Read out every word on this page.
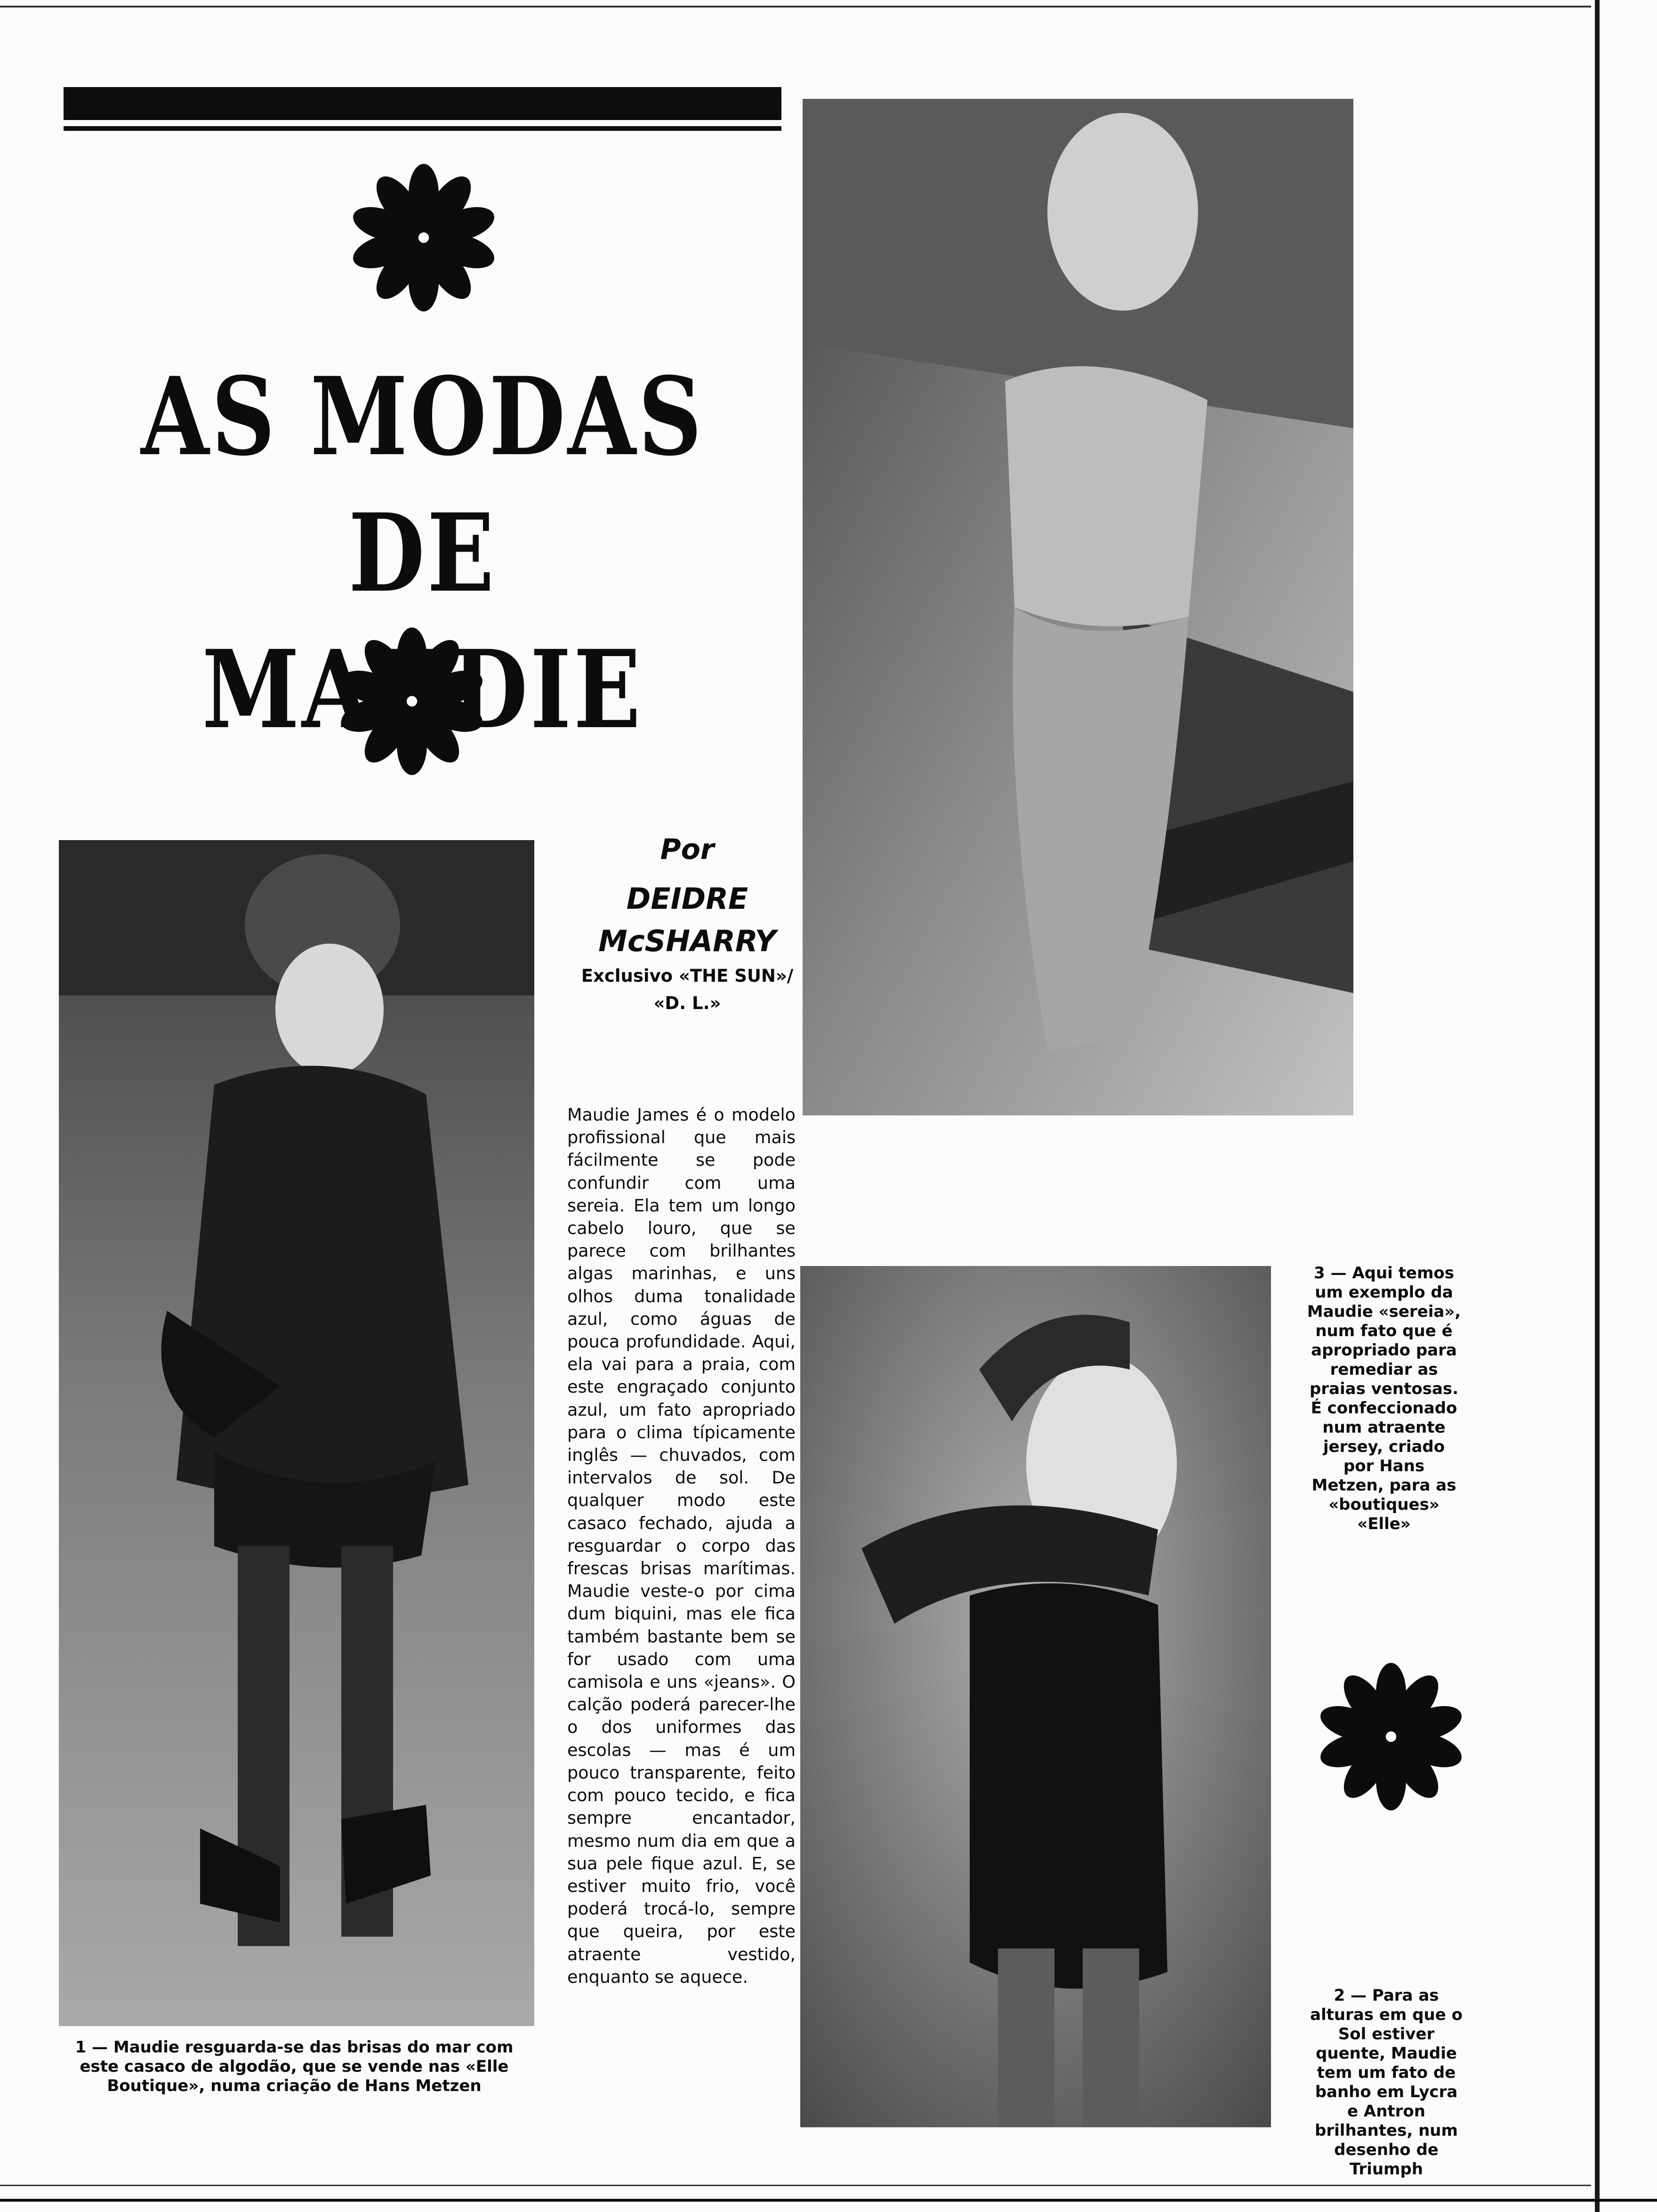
AS MODAS
DE MAUDIE
Por
DEIDRE
McSHARRY
Exclusivo «THE SUN»/
«D. L.»

Maudie James é o modelo profissional que mais fácilmente se pode confundir com uma sereia. Ela tem um longo cabelo louro, que se parece com brilhantes algas marinhas, e uns olhos duma tonalidade azul, como águas de pouca profundidade. Aqui, ela vai para a praia, com este engraçado conjunto azul, um fato apropriado para o clima típicamente inglês — chuvados, com intervalos de sol. De qualquer modo este casaco fechado, ajuda a resguardar o corpo das frescas brisas marítimas. Maudie veste-o por cima dum biquini, mas ele fica também bastante bem se for usado com uma camisola e uns «jeans». O calção poderá parecer-lhe o dos uniformes das escolas — mas é um pouco transparente, feito com pouco tecido, e fica sempre encantador, mesmo num dia em que a sua pele fique azul. E, se estiver muito frio, você poderá trocá-lo, sempre que queira, por este atraente vestido, enquanto se aquece.

1 — Maudie resguarda-se das brisas do mar com este casaco de algodão, que se vende nas «Elle Boutique», numa criação de Hans Metzen
3 — Aqui temos um exemplo da Maudie «sereia», num fato que é apropriado para remediar as praias ventosas. É confeccionado num atraente jersey, criado por Hans Metzen, para as «boutiques» «Elle»
2 — Para as alturas em que o Sol estiver quente, Maudie tem um fato de banho em Lycra e Antron brilhantes, num desenho de Triumph
